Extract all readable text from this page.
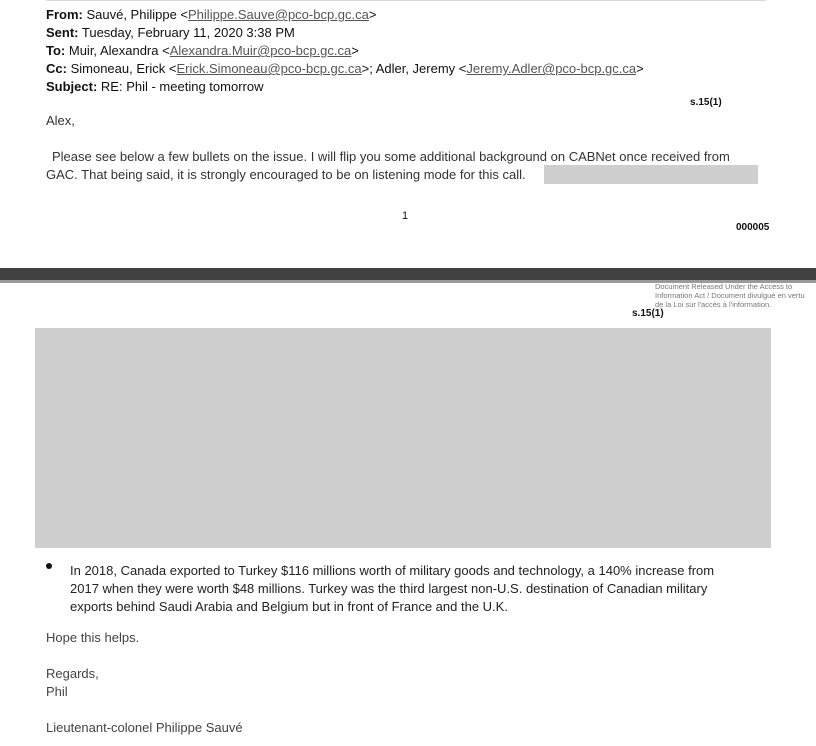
From: Sauvé, Philippe <Philippe.Sauve@pco-bcp.gc.ca>
Sent: Tuesday, February 11, 2020 3:38 PM
To: Muir, Alexandra <Alexandra.Muir@pco-bcp.gc.ca>
Cc: Simoneau, Erick <Erick.Simoneau@pco-bcp.gc.ca>; Adler, Jeremy <Jeremy.Adler@pco-bcp.gc.ca>
Subject: RE: Phil - meeting tomorrow
s.15(1)
Alex,
Please see below a few bullets on the issue. I will flip you some additional background on CABNet once received from
GAC. That being said, it is strongly encouraged to be on listening mode for this call.
1
000005
Document Released Under the Access to
Information Act / Document divulgué en vertu
de la Loi sur l'accès à l'information.
s.15(1)
In 2018, Canada exported to Turkey $116 millions worth of military goods and technology, a 140% increase from
2017 when they were worth $48 millions. Turkey was the third largest non-U.S. destination of Canadian military
exports behind Saudi Arabia and Belgium but in front of France and the U.K.
Hope this helps.
Regards,
Phil
Lieutenant-colonel Philippe Sauvé
